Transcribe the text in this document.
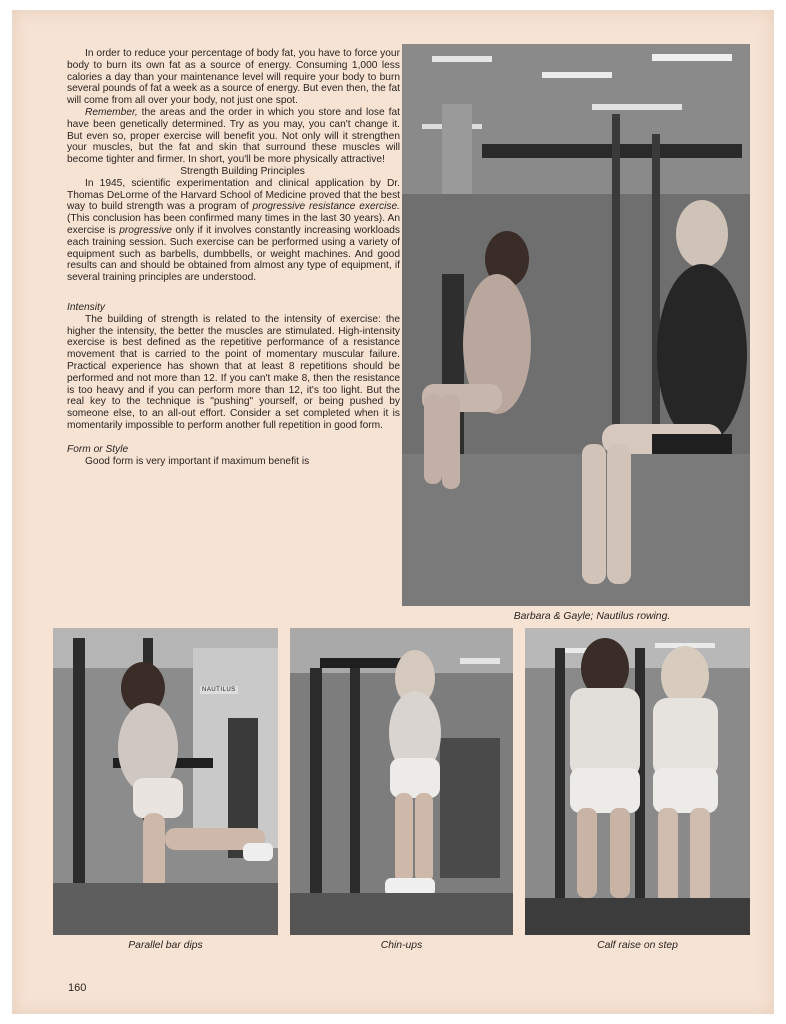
In order to reduce your percentage of body fat, you have to force your body to burn its own fat as a source of energy. Consuming 1,000 less calories a day than your maintenance level will require your body to burn several pounds of fat a week as a source of energy. But even then, the fat will come from all over your body, not just one spot.

Remember, the areas and the order in which you store and lose fat have been genetically determined. Try as you may, you can't change it. But even so, proper exercise will benefit you. Not only will it strengthen your muscles, but the fat and skin that surround these muscles will become tighter and firmer. In short, you'll be more physically attractive!

Strength Building Principles

In 1945, scientific experimentation and clinical application by Dr. Thomas DeLorme of the Harvard School of Medicine proved that the best way to build strength was a program of progressive resistance exercise. (This conclusion has been confirmed many times in the last 30 years). An exercise is progressive only if it involves constantly increasing workloads each training session. Such exercise can be performed using a variety of equipment such as barbells, dumbbells, or weight machines. And good results can and should be obtained from almost any type of equipment, if several training principles are understood.

Intensity

The building of strength is related to the intensity of exercise: the higher the intensity, the better the muscles are stimulated. High-intensity exercise is best defined as the repetitive performance of a resistance movement that is carried to the point of momentary muscular failure. Practical experience has shown that at least 8 repetitions should be performed and not more than 12. If you can't make 8, then the resistance is too heavy and if you can perform more than 12, it's too light. But the real key to the technique is "pushing" yourself, or being pushed by someone else, to an all-out effort. Consider a set completed when it is momentarily impossible to perform another full repetition in good form.

Form or Style

Good form is very important if maximum benefit is

Barbara & Gayle; Nautilus rowing.
NAUTILUS
Parallel bar dips	Chin-ups	Calf raise on step
160
